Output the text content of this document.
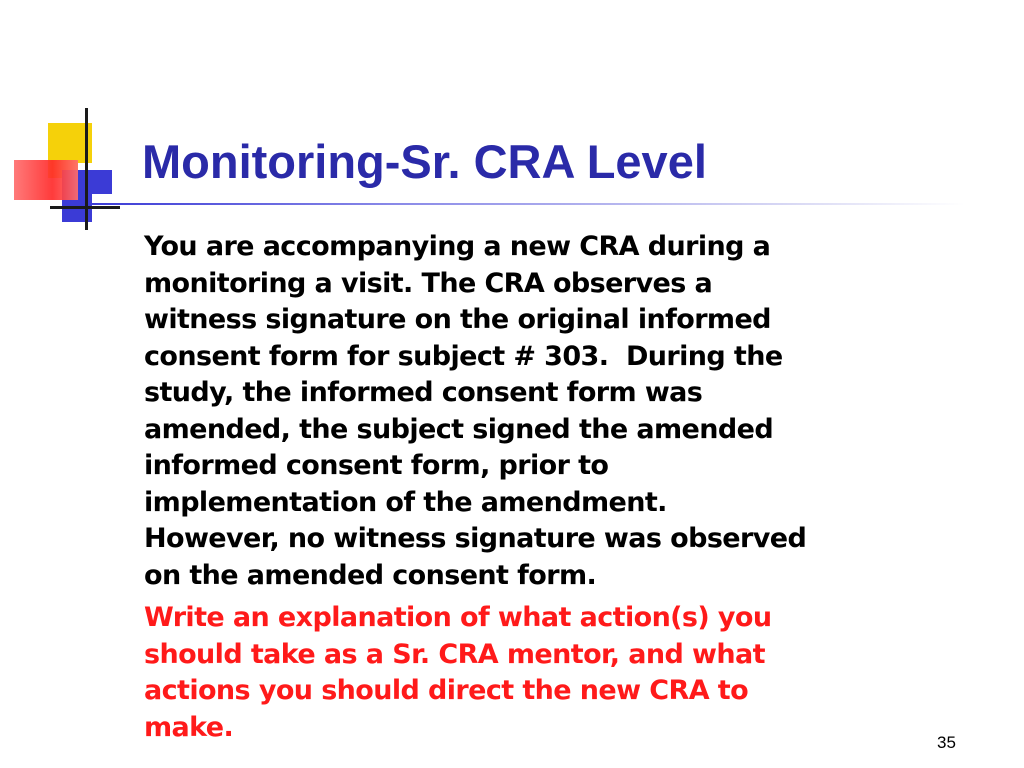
Monitoring-Sr. CRA Level

You are accompanying a new CRA during a
monitoring a visit. The CRA observes a
witness signature on the original informed
consent form for subject # 303.  During the
study, the informed consent form was
amended, the subject signed the amended
informed consent form, prior to
implementation of the amendment.
However, no witness signature was observed
on the amended consent form.

Write an explanation of what action(s) you
should take as a Sr. CRA mentor, and what
actions you should direct the new CRA to
make.	35
